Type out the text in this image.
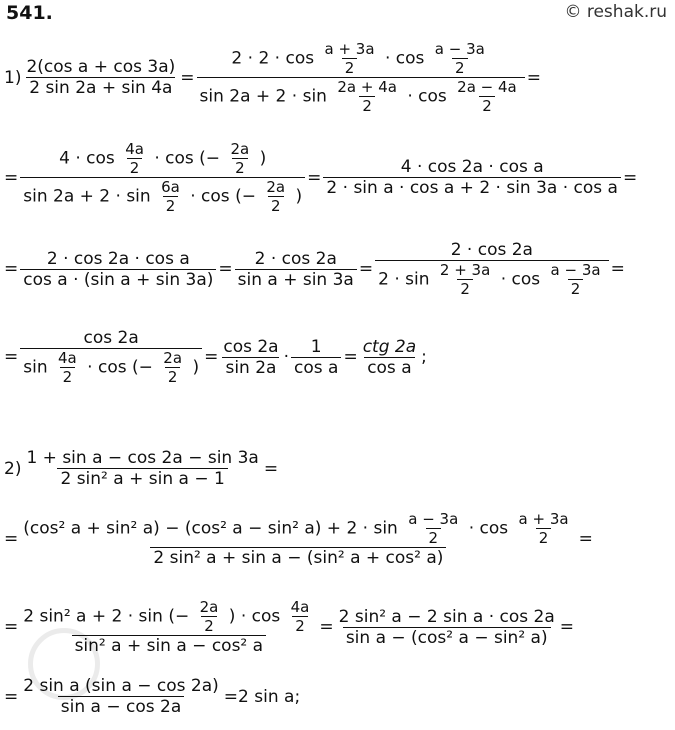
541.	© reshak.ru
$1) \frac{\text{2(cos a + cos 3a)}}{2 \sin 2a + \sin 4a} = \frac{2 \cdot 2 \cdot \cos \frac{a + 3a}{2} \cdot \cos \frac{a - 3a}{2}}{\sin 2a + 2 \cdot \sin \frac{2a + 4a}{2} \cdot \cos \frac{2a - 4a}{2}}$ =
=
$4 \cdot \cos \frac{4a}{2} \cdot \cos$ (− $\frac{2a}{2}$ )
$\sin 2a + 2 \cdot \sin \frac{6a}{2} \cdot \cos$ (− $\frac{2a}{2}$ )
= $\frac{\text{4 · cos 2a · cos a}}{\text{2 · sin a · cos a + 2 · sin 3a · cos a}}$ =
= $\frac{\text{2 · cos 2a · cos a}}{\text{cos a · (sin a + sin 3a)}} = \frac{2 \cdot \cos 2a}{\text{sin a + sin 3a}} = \frac{2 \cdot \cos 2a}{2 \cdot \sin \frac{2 + 3a}{2} \cdot \cos \frac{a - 3a}{2}}$ =
= $\frac{\cos 2a}{\sin \frac{4a}{2} \cdot \cos (- \frac{2a}{2} )} = \frac{\cos 2a}{\sin 2a} \cdot \frac{1}{\text{cos a}} = \frac{\text{ctg 2a}}{\text{cos a}}$ ;
$2) \frac{\text{1 + sin a − cos 2a − sin 3a}}{\text{2 sin² a + sin a − 1}}$ =
=
(cos² a + sin² a) − (cos² a − sin² $a) + 2 \cdot \sin \frac{a - 3a}{2} \cdot \cos \frac{a + 3a}{2}$
2 sin² a + sin a − (sin² a + cos² a)
=
=
2 sin² a + 2 · sin (− $\frac{2a}{2}$ ) · $\cos \frac{4a}{2}$
sin² a + sin a − cos² a
= $\frac{\text{2 sin² a − 2 sin a · cos 2a}}{\text{sin a − (cos² a − sin² a)}}$ =
= $\frac{\text{2 sin a (sin a − cos 2a)}}{\text{sin a − cos 2a}} = 2$ sin a ;
